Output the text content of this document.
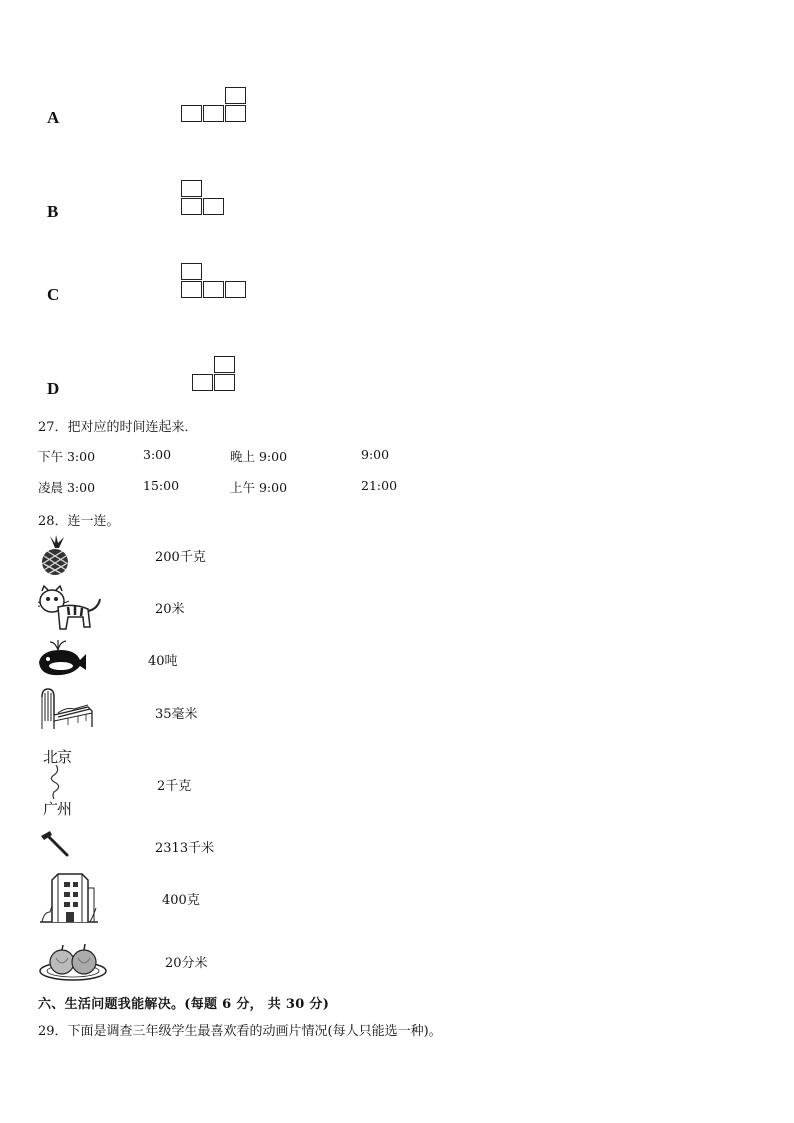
A
B
C
D
27．把对应的时间连起来．
下午 3:00	3:00	晚上 9:00	9:00
凌晨 3:00	15:00	上午 9:00	21:00
28．连一连。
200千克
20米
40吨
35毫米
北京
广州
2千克
2313千米
400克
20分米
六、生活问题我能解决。(每题 6 分， 共 30 分)
29．下面是调查三年级学生最喜欢看的动画片情况(每人只能选一种)。
